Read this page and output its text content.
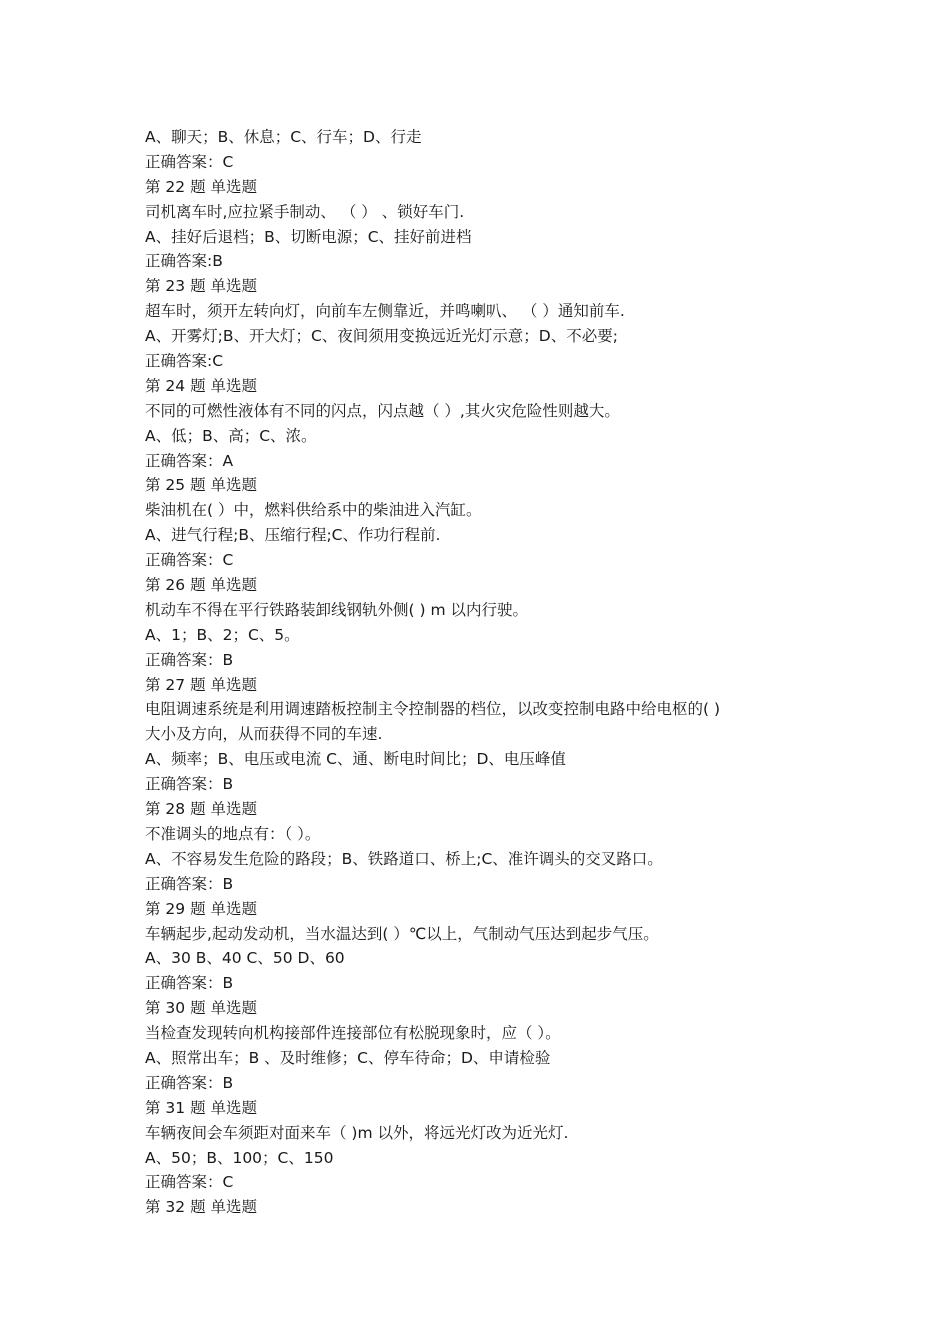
A、聊天；B、休息；C、行车；D、行走
正确答案：C
第 22 题 单选题
司机离车时,应拉紧手制动、 （ ） 、锁好车门.
A、挂好后退档；B、切断电源；C、挂好前进档
正确答案:B
第 23 题 单选题
超车时，须开左转向灯，向前车左侧靠近，并鸣喇叭、 （ ）通知前车.
A、开雾灯;B、开大灯；C、夜间须用变换远近光灯示意；D、不必要;
正确答案:C
第 24 题 单选题
不同的可燃性液体有不同的闪点，闪点越（ ）,其火灾危险性则越大。
A、低；B、高；C、浓。
正确答案：A
第 25 题 单选题
柴油机在( ）中，燃料供给系中的柴油进入汽缸。
A、进气行程;B、压缩行程;C、作功行程前.
正确答案：C
第 26 题 单选题
机动车不得在平行铁路装卸线钢轨外侧( ) m 以内行驶。
A、1；B、2；C、5。
正确答案：B
第 27 题 单选题
电阻调速系统是利用调速踏板控制主令控制器的档位，以改变控制电路中给电枢的( )
大小及方向，从而获得不同的车速.
A、频率；B、电压或电流 C、通、断电时间比；D、电压峰值
正确答案：B
第 28 题 单选题
不准调头的地点有：（ ）。
A、不容易发生危险的路段；B、铁路道口、桥上;C、准许调头的交叉路口。
正确答案：B
第 29 题 单选题
车辆起步,起动发动机，当水温达到( ）℃以上，气制动气压达到起步气压。
A、30 B、40 C、50 D、60
正确答案：B
第 30 题 单选题
当检查发现转向机构接部件连接部位有松脱现象时，应（ ）。
A、照常出车；B 、及时维修；C、停车待命；D、申请检验
正确答案：B
第 31 题 单选题
车辆夜间会车须距对面来车（ )m 以外，将远光灯改为近光灯.
A、50；B、100；C、150
正确答案：C
第 32 题 单选题
